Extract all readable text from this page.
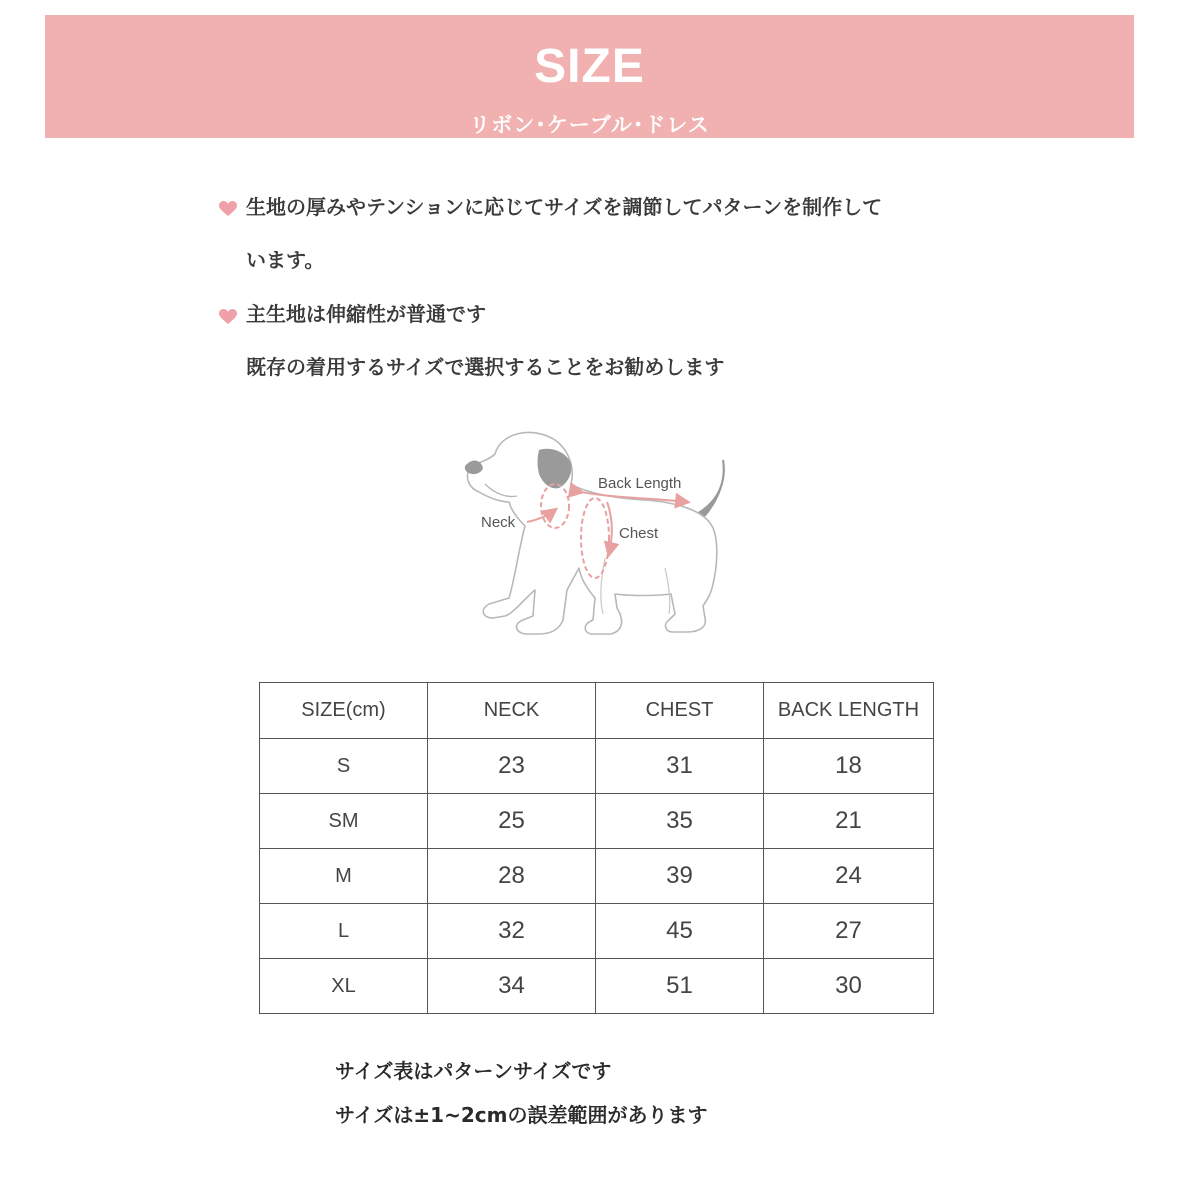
SIZE
リボン･ケーブル･ドレス
生地の厚みやテンションに応じてサイズを調節してパターンを制作して
います。
主生地は伸縮性が普通です
既存の着用するサイズで選択することをお勧めします
Back Length
Neck
Chest
SIZE(cm)	NECK	CHEST	BACK LENGTH
S	23	31	18
SM	25	35	21
M	28	39	24
L	32	45	27
XL	34	51	30
サイズ表はパターンサイズです
サイズは±1~2cmの誤差範囲があります
